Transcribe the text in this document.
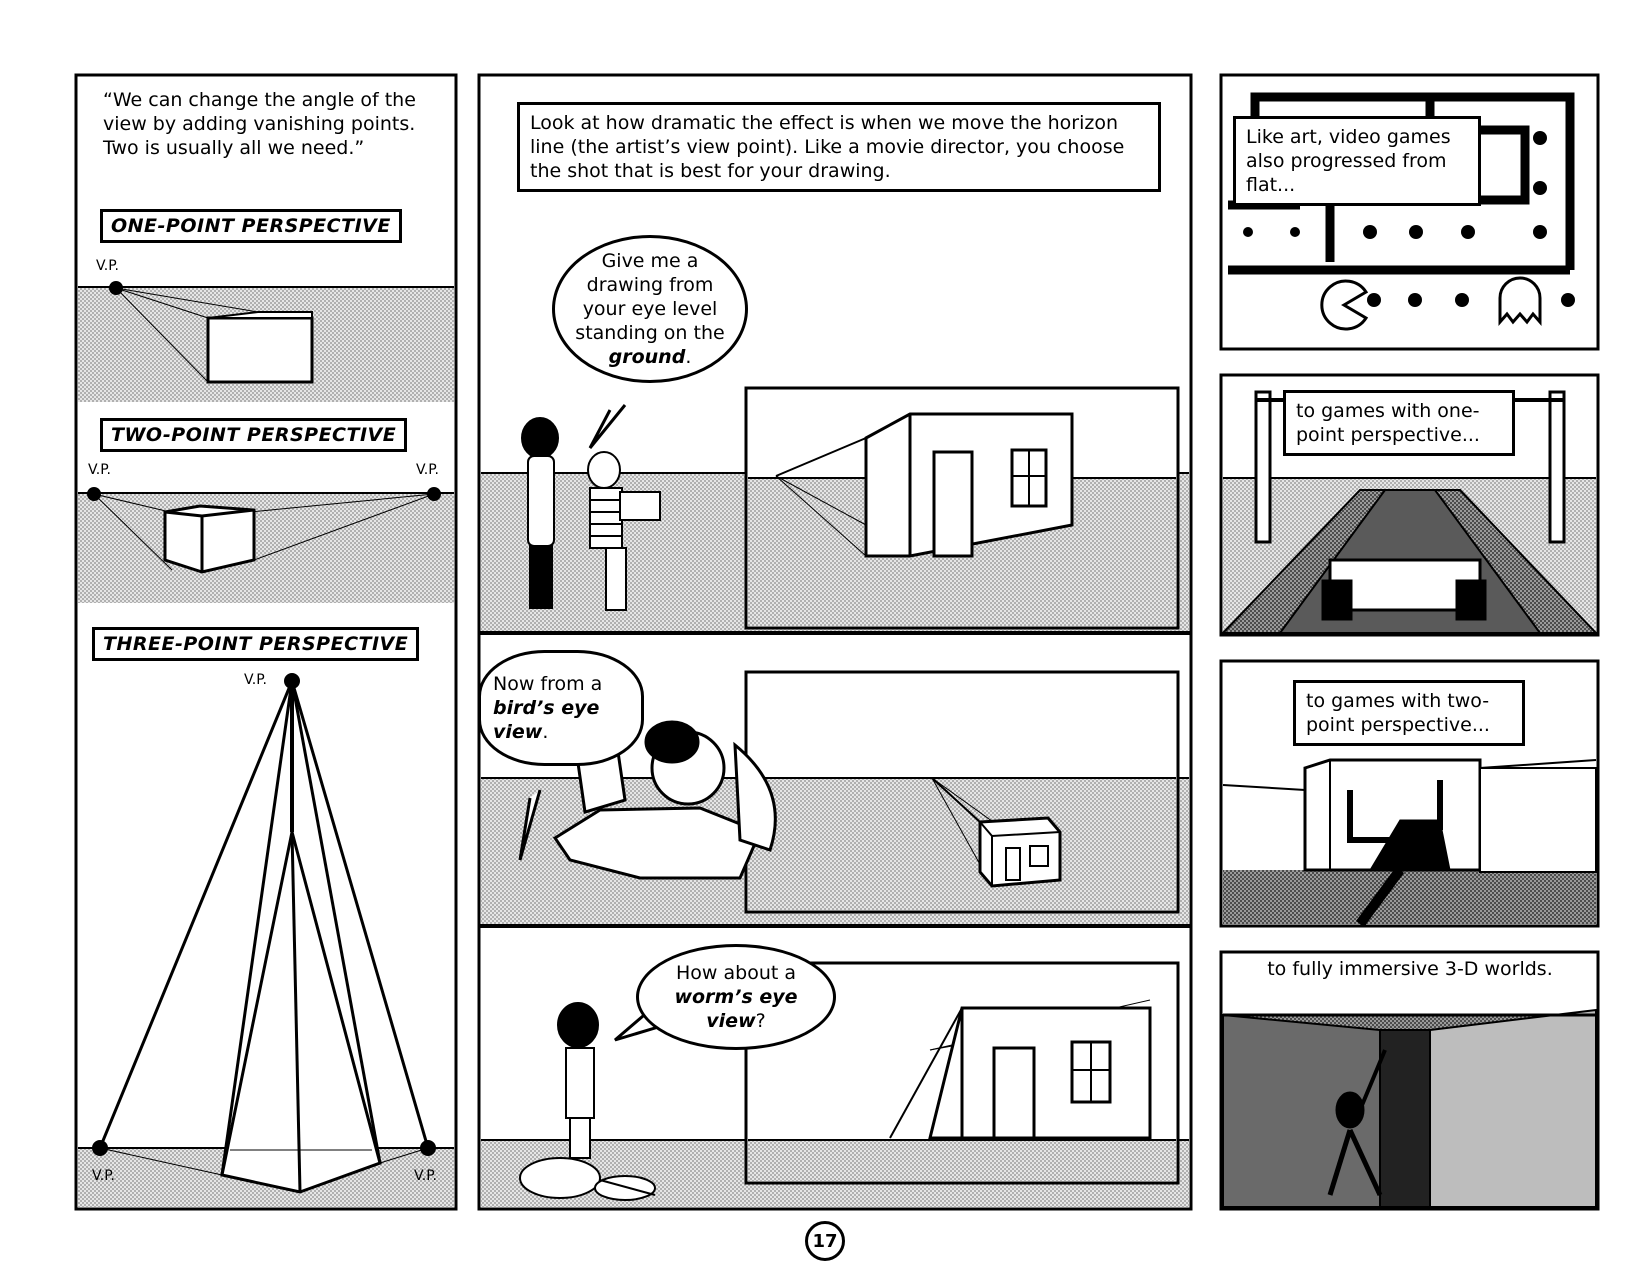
“We can change the angle of the view by adding vanishing points. Two is usually all we need.”
ONE-POINT PERSPECTIVE
V.P.
TWO-POINT PERSPECTIVE
V.P.	V.P.
THREE-POINT PERSPECTIVE
V.P.
V.P.	V.P.
Look at how dramatic the effect is when we move the horizon line (the artist’s view point). Like a movie director, you choose the shot that is best for your drawing.
Give me a drawing from your eye level standing on the ground.
Now from a bird’s eye view.
How about a worm’s eye view?
Like art, video games also progressed from flat...
to games with one-point perspective...
to games with two-point perspective...
to fully immersive 3-D worlds.
17
